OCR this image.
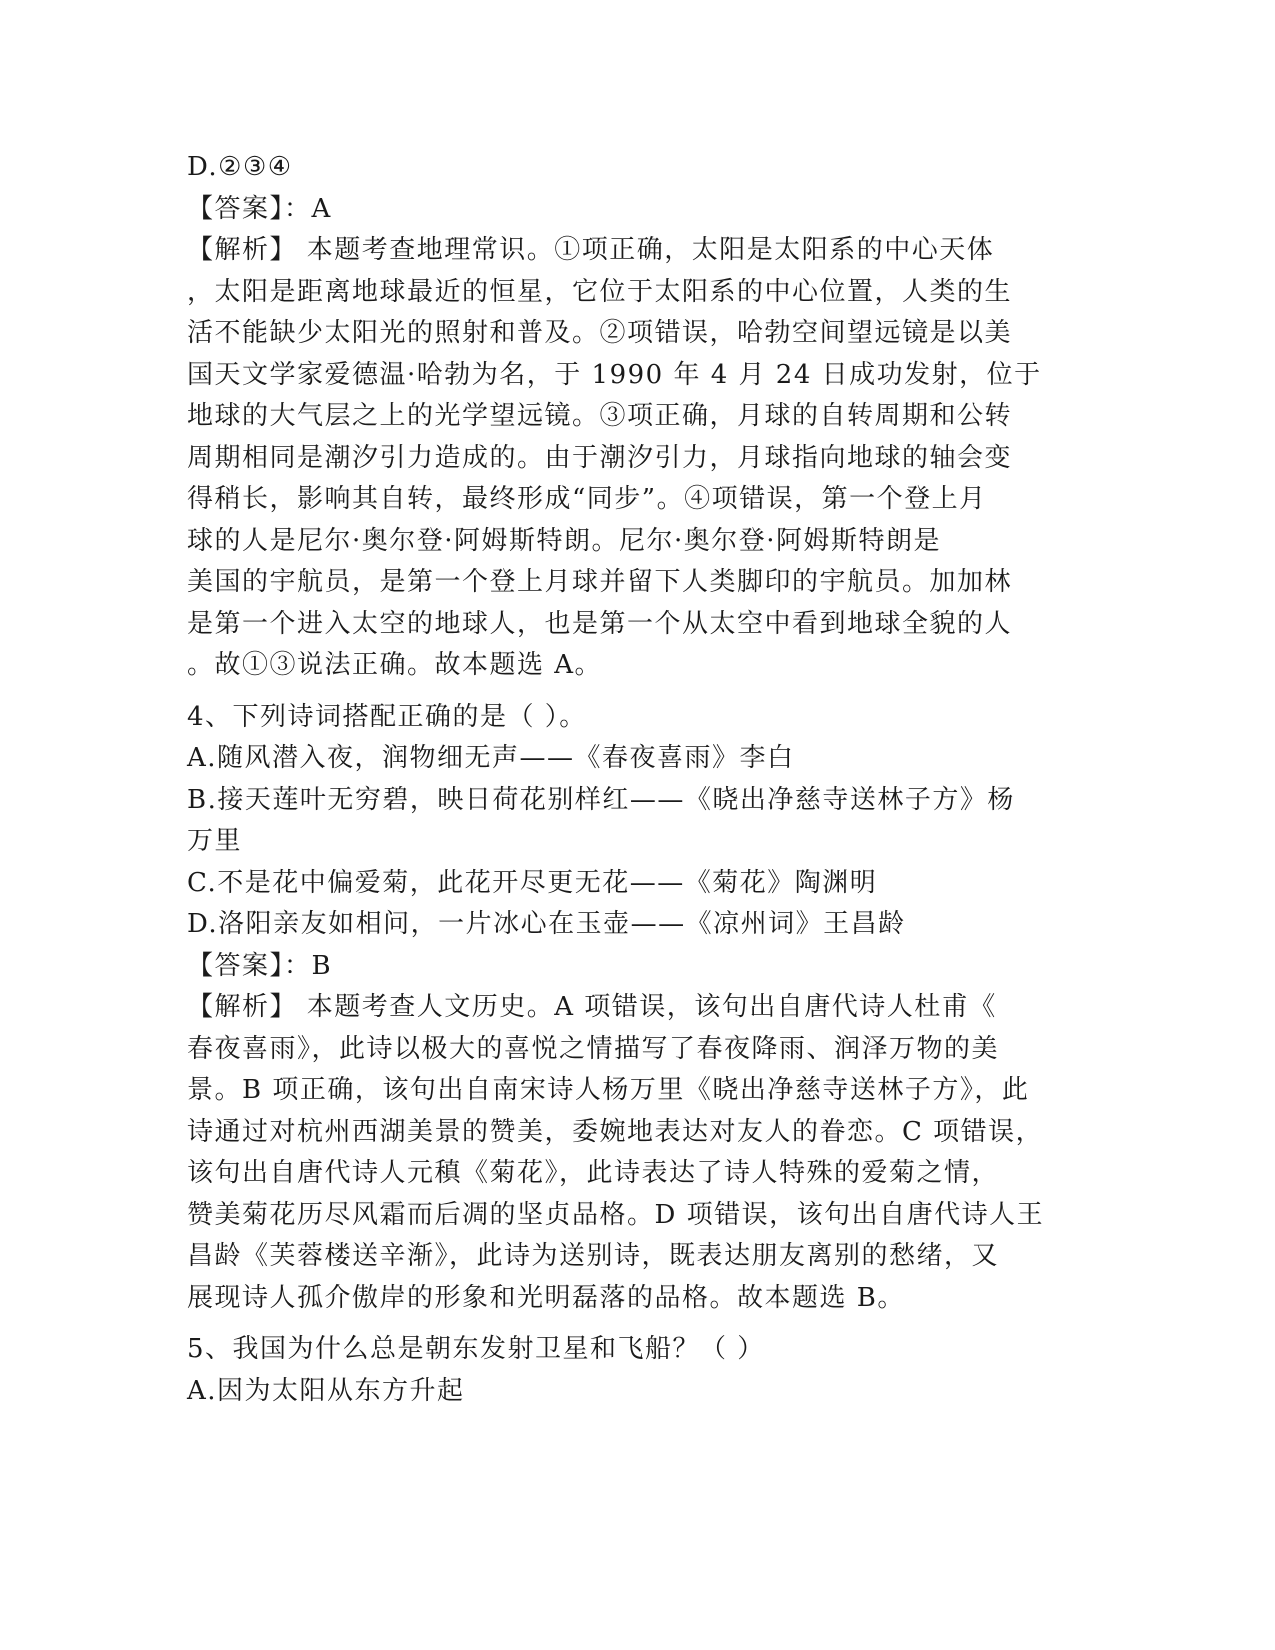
D.②③④
【答案】：A
【解析】 本题考查地理常识。①项正确，太阳是太阳系的中心天体
，太阳是距离地球最近的恒星，它位于太阳系的中心位置，人类的生
活不能缺少太阳光的照射和普及。②项错误，哈勃空间望远镜是以美
国天文学家爱德温·哈勃为名，于 1990 年 4 月 24 日成功发射，位于
地球的大气层之上的光学望远镜。③项正确，月球的自转周期和公转
周期相同是潮汐引力造成的。由于潮汐引力，月球指向地球的轴会变
得稍长，影响其自转，最终形成“同步”。④项错误，第一个登上月
球的人是尼尔·奥尔登·阿姆斯特朗。尼尔·奥尔登·阿姆斯特朗是
美国的宇航员，是第一个登上月球并留下人类脚印的宇航员。加加林
是第一个进入太空的地球人，也是第一个从太空中看到地球全貌的人
。故①③说法正确。故本题选 A。
4、下列诗词搭配正确的是（ ）。
A.随风潜入夜，润物细无声——《春夜喜雨》李白
B.接天莲叶无穷碧，映日荷花别样红——《晓出净慈寺送林子方》杨
万里
C.不是花中偏爱菊，此花开尽更无花——《菊花》陶渊明
D.洛阳亲友如相问，一片冰心在玉壶——《凉州词》王昌龄
【答案】：B
【解析】 本题考查人文历史。A 项错误，该句出自唐代诗人杜甫《
春夜喜雨》，此诗以极大的喜悦之情描写了春夜降雨、润泽万物的美
景。B 项正确，该句出自南宋诗人杨万里《晓出净慈寺送林子方》，此
诗通过对杭州西湖美景的赞美，委婉地表达对友人的眷恋。C 项错误，
该句出自唐代诗人元稹《菊花》，此诗表达了诗人特殊的爱菊之情，
赞美菊花历尽风霜而后凋的坚贞品格。D 项错误，该句出自唐代诗人王
昌龄《芙蓉楼送辛渐》，此诗为送别诗，既表达朋友离别的愁绪，又
展现诗人孤介傲岸的形象和光明磊落的品格。故本题选 B。
5、我国为什么总是朝东发射卫星和飞船？（ ）
A.因为太阳从东方升起
